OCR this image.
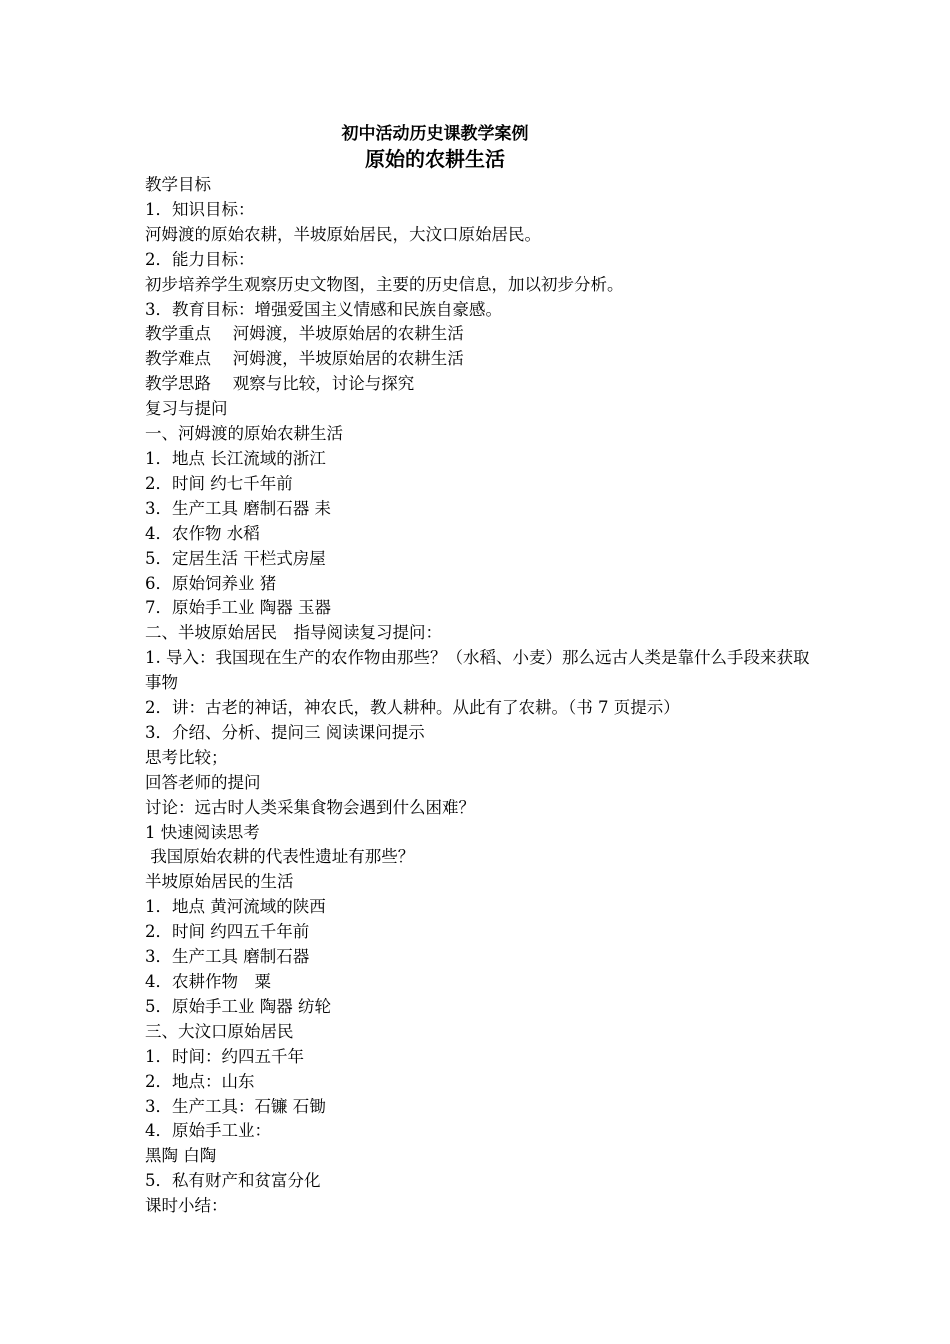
初中活动历史课教学案例
原始的农耕生活
教学目标
1．知识目标：
河姆渡的原始农耕，半坡原始居民，大汶口原始居民。
2．能力目标：
初步培养学生观察历史文物图，主要的历史信息，加以初步分析。
3．教育目标：增强爱国主义情感和民族自豪感。
教学重点　 河姆渡，半坡原始居的农耕生活
教学难点　 河姆渡，半坡原始居的农耕生活
教学思路　 观察与比较，讨论与探究
复习与提问
一、河姆渡的原始农耕生活
1．地点 长江流域的浙江
2．时间 约七千年前
3．生产工具 磨制石器 耒
4．农作物 水稻
5．定居生活 干栏式房屋
6．原始饲养业 猪
7．原始手工业 陶器 玉器
二、半坡原始居民　指导阅读复习提问：
1. 导入：我国现在生产的农作物由那些？（水稻、小麦）那么远古人类是靠什么手段来获取事物
2．讲：古老的神话，神农氏，教人耕种。从此有了农耕。（书 7 页提示）
3．介绍、分析、提问三 阅读课问提示
思考比较；
回答老师的提问
讨论：远古时人类采集食物会遇到什么困难？
1 快速阅读思考
我国原始农耕的代表性遗址有那些？
半坡原始居民的生活
1．地点 黄河流域的陕西
2．时间 约四五千年前
3．生产工具 磨制石器
4．农耕作物　粟
5．原始手工业 陶器 纺轮
三、大汶口原始居民
1．时间：约四五千年
2．地点：山东
3．生产工具：石镰 石锄
4．原始手工业：
黑陶 白陶
5．私有财产和贫富分化
课时小结：
